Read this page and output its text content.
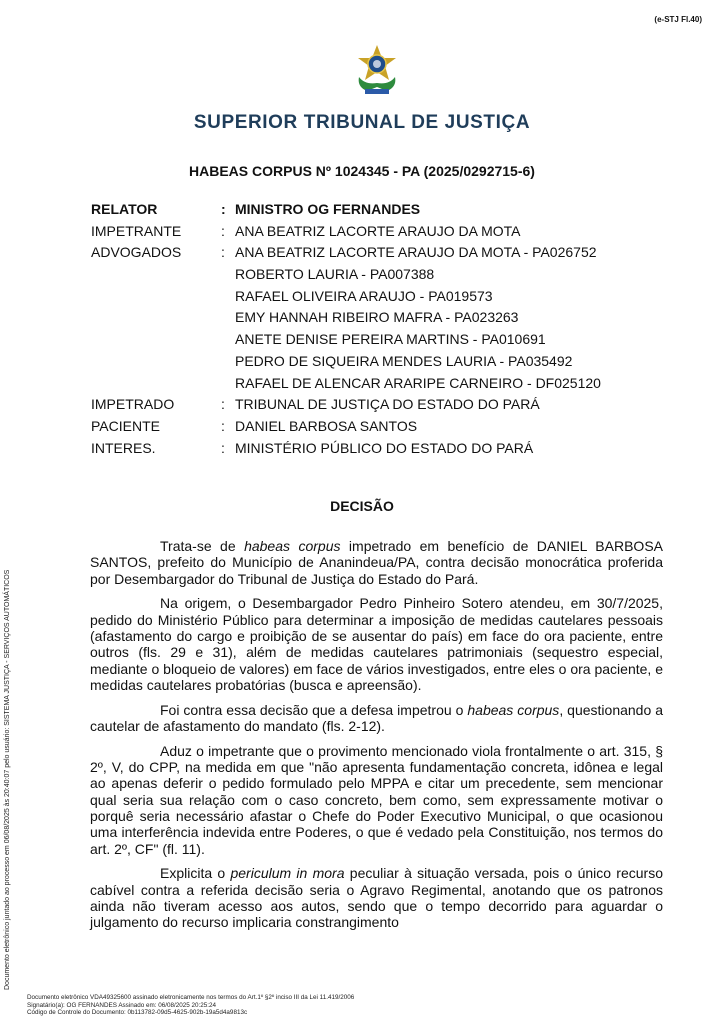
(e-STJ Fl.40)
SUPERIOR TRIBUNAL DE JUSTIÇA
HABEAS CORPUS Nº 1024345 - PA (2025/0292715-6)
RELATOR	: MINISTRO OG FERNANDES
IMPETRANTE	: ANA BEATRIZ LACORTE ARAUJO DA MOTA
ADVOGADOS	: ANA BEATRIZ LACORTE ARAUJO DA MOTA - PA026752
ROBERTO LAURIA - PA007388
RAFAEL OLIVEIRA ARAUJO - PA019573
EMY HANNAH RIBEIRO MAFRA - PA023263
ANETE DENISE PEREIRA MARTINS - PA010691
PEDRO DE SIQUEIRA MENDES LAURIA - PA035492
RAFAEL DE ALENCAR ARARIPE CARNEIRO - DF025120
IMPETRADO	: TRIBUNAL DE JUSTIÇA DO ESTADO DO PARÁ
PACIENTE	: DANIEL BARBOSA SANTOS
INTERES.	: MINISTÉRIO PÚBLICO DO ESTADO DO PARÁ
DECISÃO

Trata-se de habeas corpus impetrado em benefício de DANIEL BARBOSA SANTOS, prefeito do Município de Ananindeua/PA, contra decisão monocrática proferida por Desembargador do Tribunal de Justiça do Estado do Pará.

Na origem, o Desembargador Pedro Pinheiro Sotero atendeu, em 30/7/2025, pedido do Ministério Público para determinar a imposição de medidas cautelares pessoais (afastamento do cargo e proibição de se ausentar do país) em face do ora paciente, entre outros (fls. 29 e 31), além de medidas cautelares patrimoniais (sequestro especial, mediante o bloqueio de valores) em face de vários investigados, entre eles o ora paciente, e medidas cautelares probatórias (busca e apreensão).

Foi contra essa decisão que a defesa impetrou o habeas corpus, questionando a cautelar de afastamento do mandato (fls. 2-12).

Aduz o impetrante que o provimento mencionado viola frontalmente o art. 315, § 2º, V, do CPP, na medida em que "não apresenta fundamentação concreta, idônea e legal ao apenas deferir o pedido formulado pelo MPPA e citar um precedente, sem mencionar qual seria sua relação com o caso concreto, bem como, sem expressamente motivar o porquê seria necessário afastar o Chefe do Poder Executivo Municipal, o que ocasionou uma interferência indevida entre Poderes, o que é vedado pela Constituição, nos termos do art. 2º, CF" (fl. 11).

Explicita o periculum in mora peculiar à situação versada, pois o único recurso cabível contra a referida decisão seria o Agravo Regimental, anotando que os patronos ainda não tiveram acesso aos autos, sendo que o tempo decorrido para aguardar o julgamento do recurso implicaria constrangimento

Documento eletrônico juntado ao processo em 06/08/2025 às 20:40:07 pelo usuário: SISTEMA JUSTIÇA - SERVIÇOS AUTOMÁTICOS
Documento eletrônico VDA49325600 assinado eletronicamente nos termos do Art.1º §2º inciso III da Lei 11.419/2006
Signatário(a): OG FERNANDES Assinado em: 06/08/2025 20:25:24
Código de Controle do Documento: 0b113782-09d5-4625-902b-19a5d4a9813c
